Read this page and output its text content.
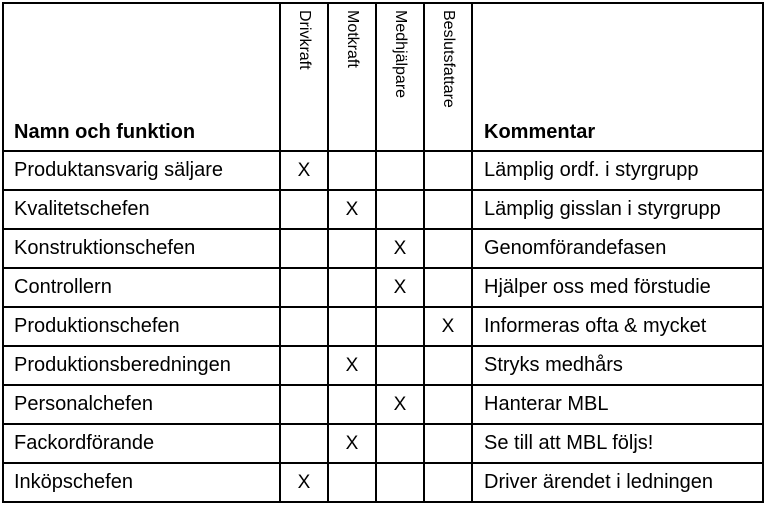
Namn och funktion	Drivkraft	Motkraft	Medhjälpare	Beslutsfattare	Kommentar

Produktansvarig säljare	X				Lämplig ordf. i styrgrupp
Kvalitetschefen		X			Lämplig gisslan i styrgrupp
Konstruktionschefen			X		Genomförandefasen
Controllern			X		Hjälper oss med förstudie
Produktionschefen				X	Informeras ofta & mycket
Produktionsberedningen		X			Stryks medhårs
Personalchefen			X		Hanterar MBL
Fackordförande		X			Se till att MBL följs!
Inköpschefen	X				Driver ärendet i ledningen
